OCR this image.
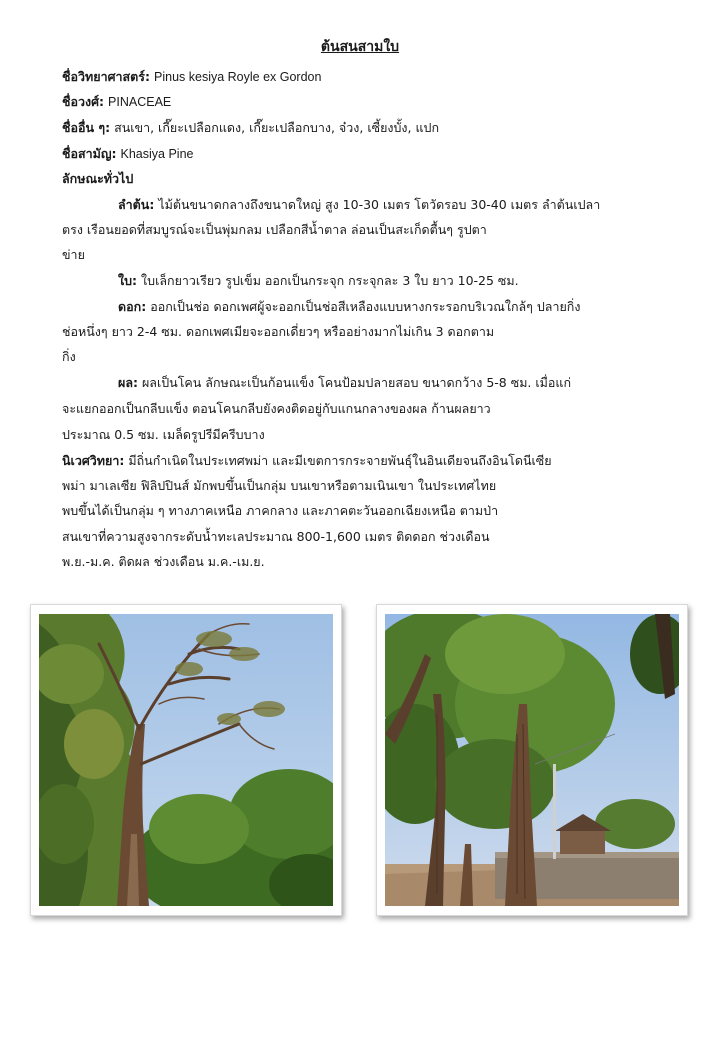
ต้นสนสามใบ
ชื่อวิทยาศาสตร์: Pinus kesiya Royle ex Gordon
ชื่อวงศ์: PINACEAE
ชื่ออื่น ๆ: สนเขา, เกี๊ยะเปลือกแดง, เกี๊ยะเปลือกบาง, จ๋วง, เซี้ยงบั้ง, แปก
ชื่อสามัญ: Khasiya Pine
ลักษณะทั่วไป
ลำต้น: ไม้ต้นขนาดกลางถึงขนาดใหญ่ สูง 10-30 เมตร โตวัดรอบ 30-40 เมตร ลำต้นเปลา
ตรง เรือนยอดที่สมบูรณ์จะเป็นพุ่มกลม เปลือกสีน้ำตาล ล่อนเป็นสะเก็ดตื้นๆ รูปตา
ข่าย
ใบ: ใบเล็กยาวเรียว รูปเข็ม ออกเป็นกระจุก กระจุกละ 3 ใบ ยาว 10-25 ซม.
ดอก: ออกเป็นช่อ ดอกเพศผู้จะออกเป็นช่อสีเหลืองแบบหางกระรอกบริเวณใกล้ๆ ปลายกิ่ง
ช่อหนึ่งๆ ยาว 2-4 ซม. ดอกเพศเมียจะออกเดี่ยวๆ หรืออย่างมากไม่เกิน 3 ดอกตาม
กิ่ง
ผล: ผลเป็นโคน ลักษณะเป็นก้อนแข็ง โคนป้อมปลายสอบ ขนาดกว้าง 5-8 ซม. เมื่อแก่
จะแยกออกเป็นกลีบแข็ง ตอนโคนกลีบยังคงติดอยู่กับแกนกลางของผล ก้านผลยาว
ประมาณ 0.5 ซม. เมล็ดรูปรีมีครีบบาง
นิเวศวิทยา: มีถิ่นกำเนิดในประเทศพม่า และมีเขตการกระจายพันธุ์ในอินเดียจนถึงอินโดนีเซีย
พม่า มาเลเซีย ฟิลิปปินส์ มักพบขึ้นเป็นกลุ่ม บนเขาหรือตามเนินเขา ในประเทศไทย
พบขึ้นได้เป็นกลุ่ม ๆ ทางภาคเหนือ ภาคกลาง และภาคตะวันออกเฉียงเหนือ ตามป่า
สนเขาที่ความสูงจากระดับน้ำทะเลประมาณ 800-1,600 เมตร ติดดอก ช่วงเดือน
พ.ย.-ม.ค. ติดผล ช่วงเดือน ม.ค.-เม.ย.
